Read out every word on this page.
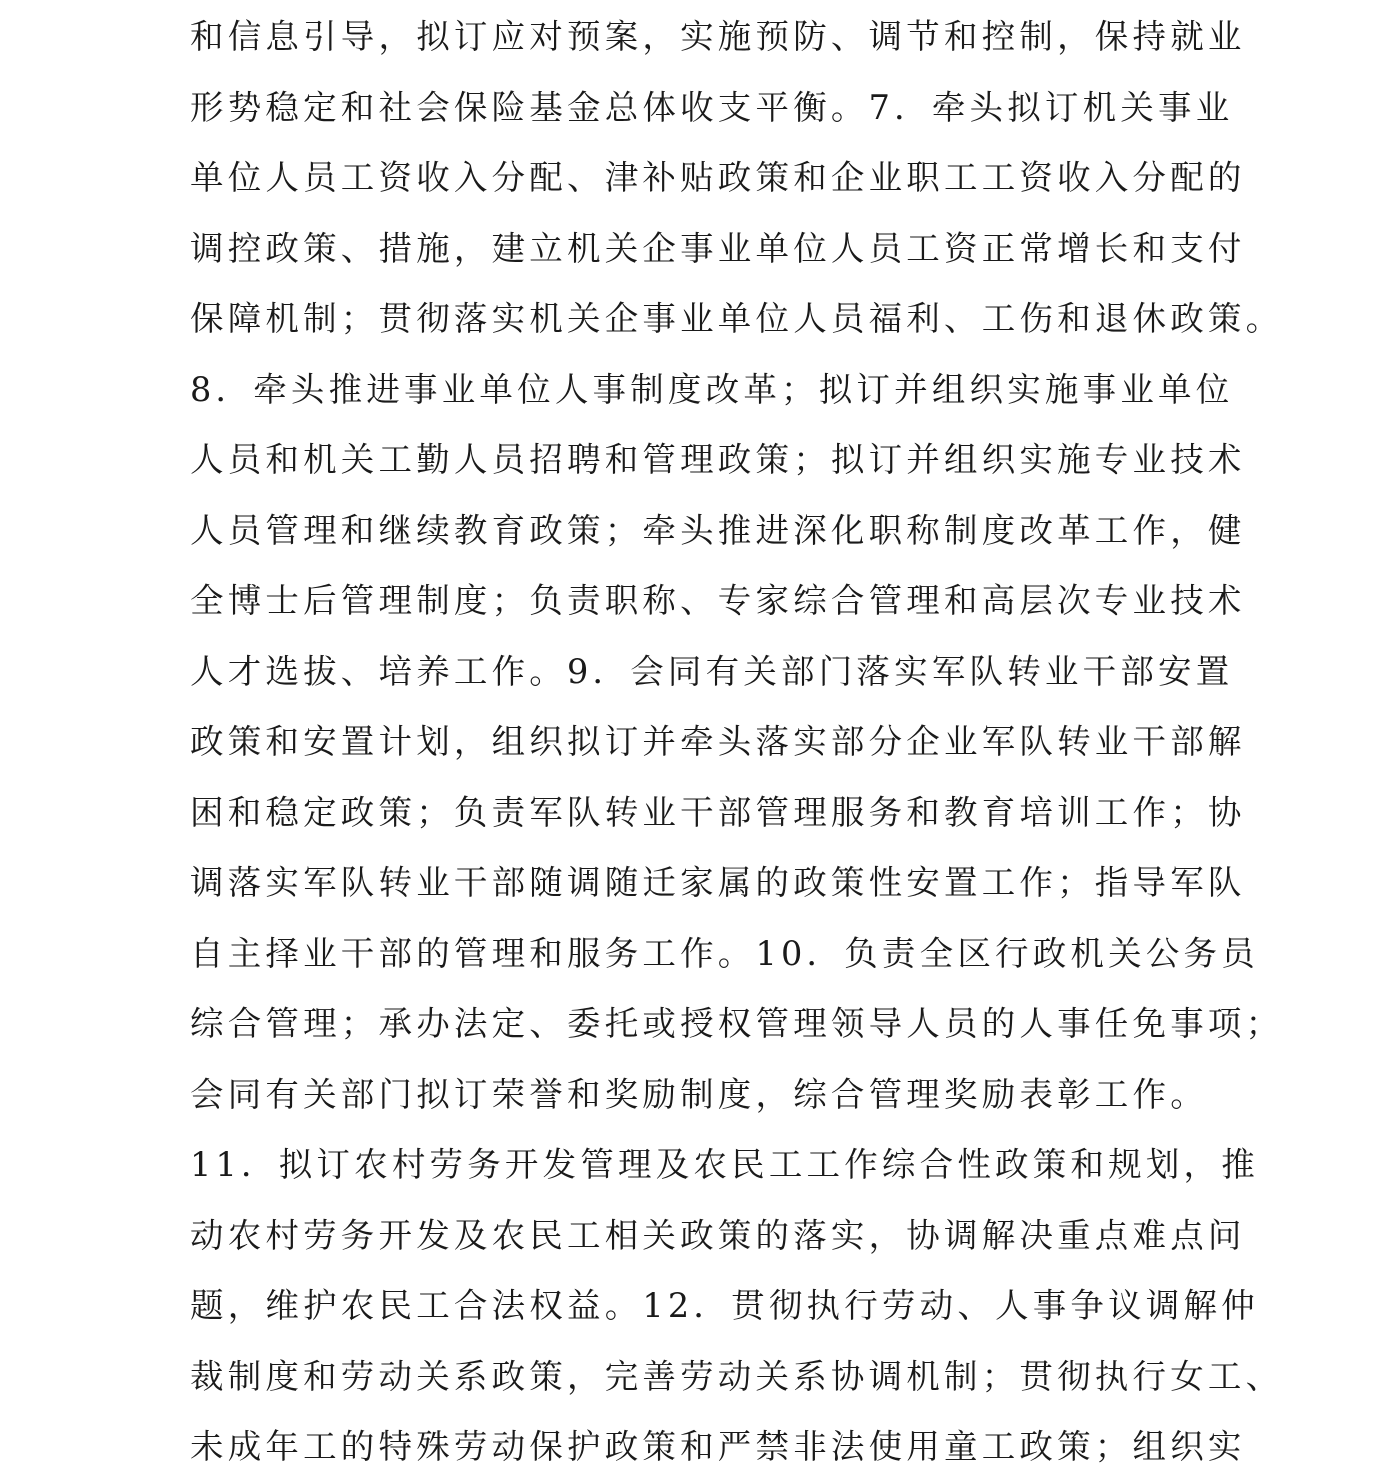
和信息引导，拟订应对预案，实施预防、调节和控制，保持就业
形势稳定和社会保险基金总体收支平衡。7．牵头拟订机关事业
单位人员工资收入分配、津补贴政策和企业职工工资收入分配的
调控政策、措施，建立机关企事业单位人员工资正常增长和支付
保障机制；贯彻落实机关企事业单位人员福利、工伤和退休政策。
8．牵头推进事业单位人事制度改革；拟订并组织实施事业单位
人员和机关工勤人员招聘和管理政策；拟订并组织实施专业技术
人员管理和继续教育政策；牵头推进深化职称制度改革工作，健
全博士后管理制度；负责职称、专家综合管理和高层次专业技术
人才选拔、培养工作。9．会同有关部门落实军队转业干部安置
政策和安置计划，组织拟订并牵头落实部分企业军队转业干部解
困和稳定政策；负责军队转业干部管理服务和教育培训工作；协
调落实军队转业干部随调随迁家属的政策性安置工作；指导军队
自主择业干部的管理和服务工作。10．负责全区行政机关公务员
综合管理；承办法定、委托或授权管理领导人员的人事任免事项；
会同有关部门拟订荣誉和奖励制度，综合管理奖励表彰工作。
11．拟订农村劳务开发管理及农民工工作综合性政策和规划，推
动农村劳务开发及农民工相关政策的落实，协调解决重点难点问
题，维护农民工合法权益。12．贯彻执行劳动、人事争议调解仲
裁制度和劳动关系政策，完善劳动关系协调机制；贯彻执行女工、
未成年工的特殊劳动保护政策和严禁非法使用童工政策；组织实
